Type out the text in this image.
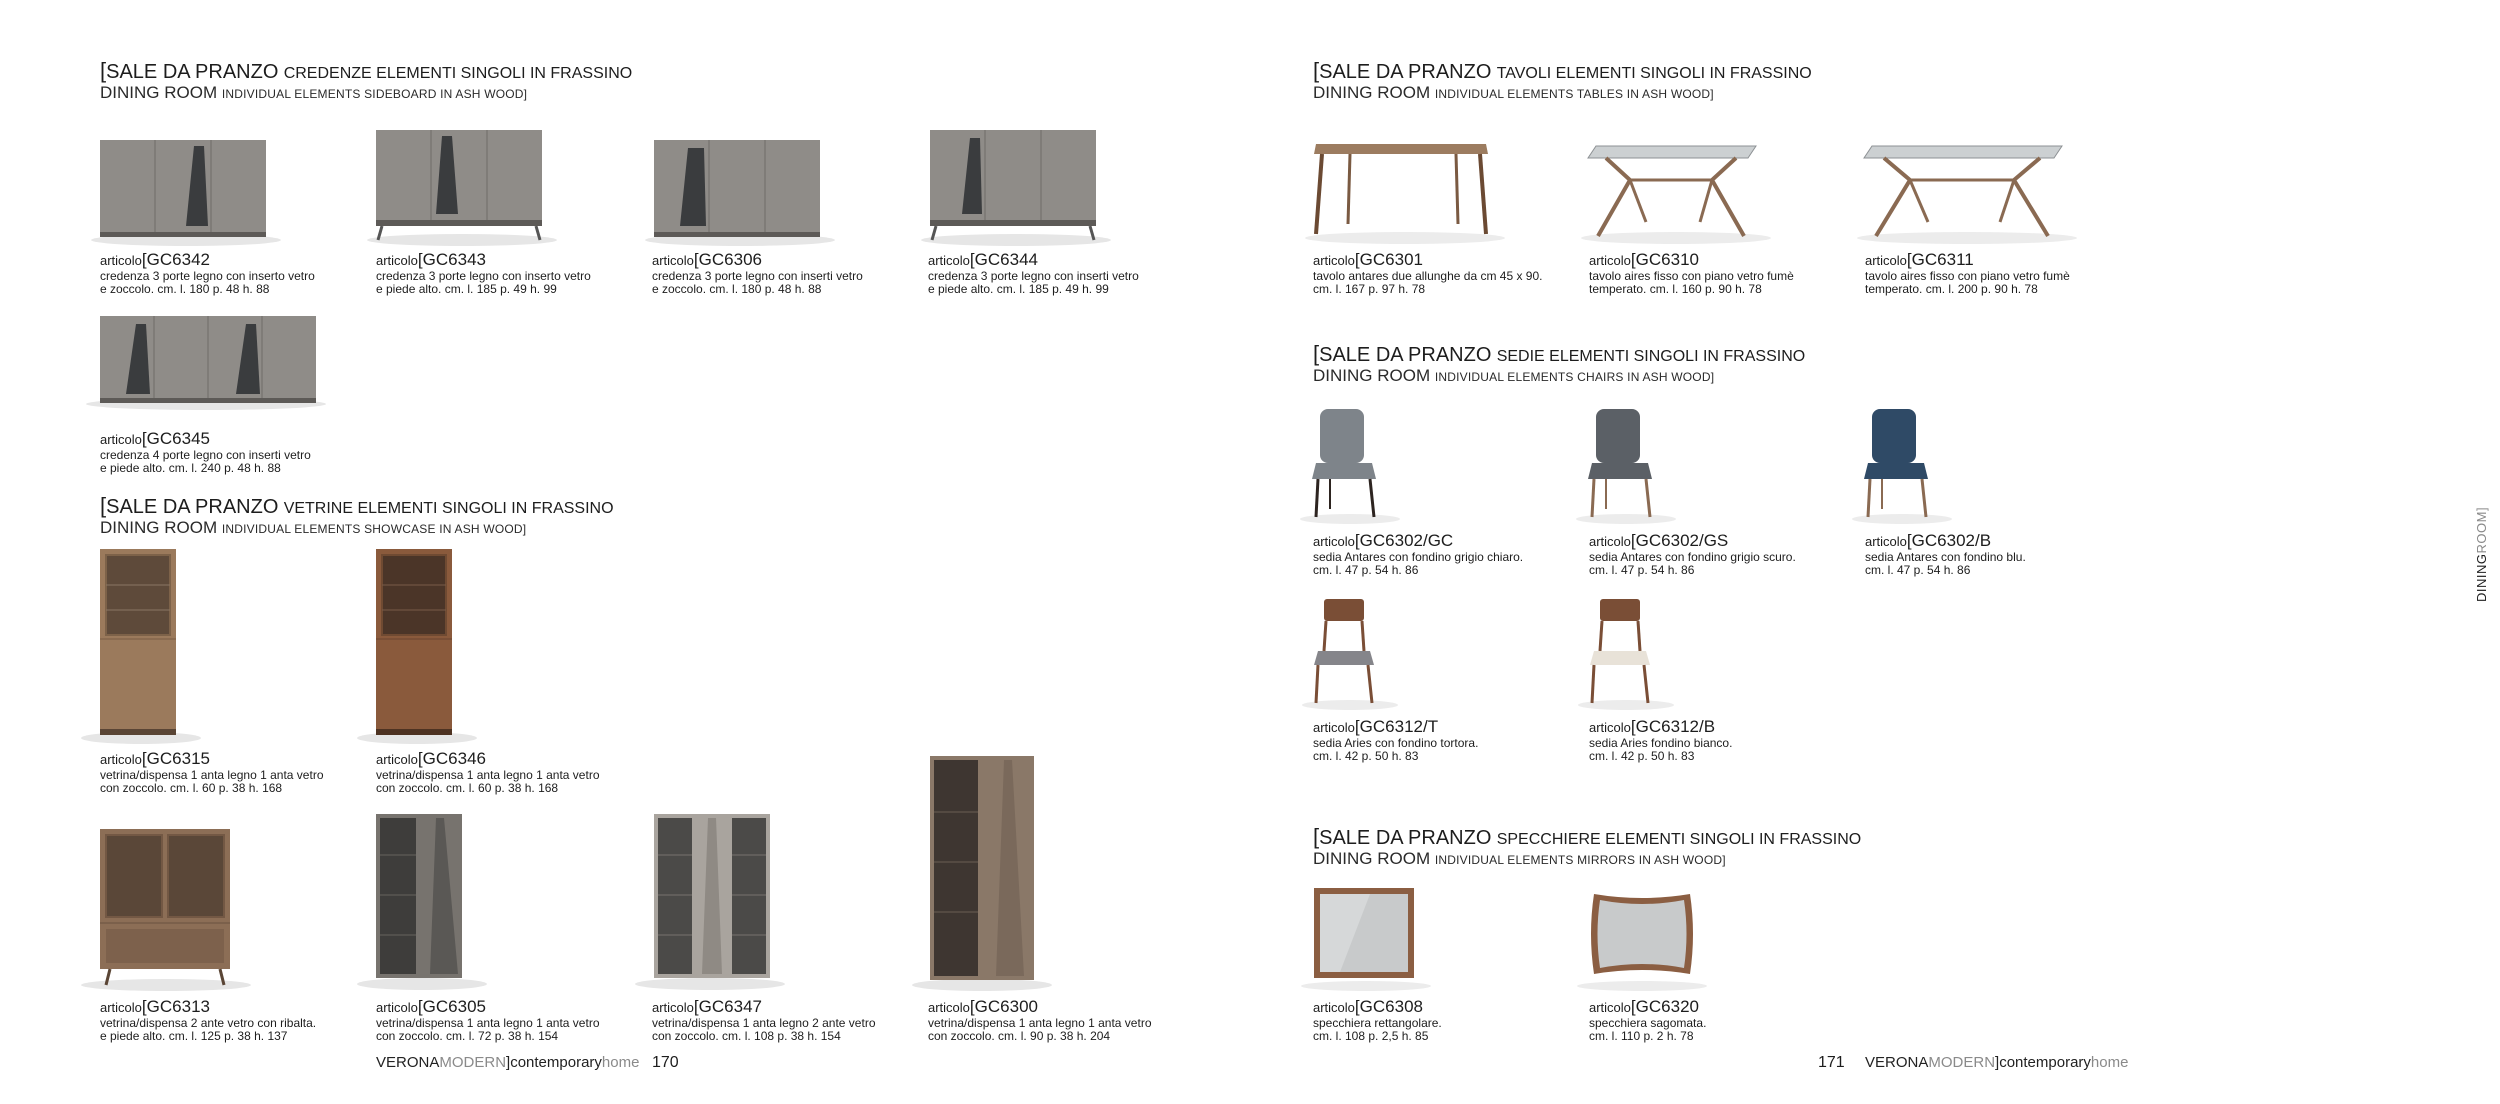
[SALE DA PRANZO CREDENZE ELEMENTI SINGOLI IN FRASSINO
DINING ROOM INDIVIDUAL ELEMENTS SIDEBOARD IN ASH WOOD]
articolo[GC6342
credenza 3 porte legno con inserto vetro
e zoccolo. cm. l. 180 p. 48 h. 88
articolo[GC6343
credenza 3 porte legno con inserto vetro
e piede alto. cm. l. 185 p. 49 h. 99
articolo[GC6306
credenza 3 porte legno con inserti vetro
e zoccolo. cm. l. 180 p. 48 h. 88
articolo[GC6344
credenza 3 porte legno con inserti vetro
e piede alto. cm. l. 185 p. 49 h. 99
articolo[GC6345
credenza 4 porte legno con inserti vetro
e piede alto. cm. l. 240 p. 48 h. 88
[SALE DA PRANZO VETRINE ELEMENTI SINGOLI IN FRASSINO
DINING ROOM INDIVIDUAL ELEMENTS SHOWCASE IN ASH WOOD]
articolo[GC6315
vetrina/dispensa 1 anta legno 1 anta vetro
con zoccolo. cm. l. 60 p. 38 h. 168
articolo[GC6346
vetrina/dispensa 1 anta legno 1 anta vetro
con zoccolo. cm. l. 60 p. 38 h. 168
articolo[GC6313
vetrina/dispensa 2 ante vetro con ribalta.
e piede alto. cm. l. 125 p. 38 h. 137
articolo[GC6305
vetrina/dispensa 1 anta legno 1 anta vetro
con zoccolo. cm. l. 72 p. 38 h. 154
articolo[GC6347
vetrina/dispensa 1 anta legno 2 ante vetro
con zoccolo. cm. l. 108 p. 38 h. 154
articolo[GC6300
vetrina/dispensa 1 anta legno 1 anta vetro
con zoccolo. cm. l. 90 p. 38 h. 204
VERONAMODERN]contemporaryhome 170
[SALE DA PRANZO TAVOLI ELEMENTI SINGOLI IN FRASSINO
DINING ROOM INDIVIDUAL ELEMENTS TABLES IN ASH WOOD]
articolo[GC6301
tavolo antares due allunghe da cm 45 x 90.
cm. l. 167 p. 97 h. 78
articolo[GC6310
tavolo aires fisso con piano vetro fumè
temperato. cm. l. 160 p. 90 h. 78
articolo[GC6311
tavolo aires fisso con piano vetro fumè
temperato. cm. l. 200 p. 90 h. 78
[SALE DA PRANZO SEDIE ELEMENTI SINGOLI IN FRASSINO
DINING ROOM INDIVIDUAL ELEMENTS CHAIRS IN ASH WOOD]
articolo[GC6302/GC
sedia Antares con fondino grigio chiaro.
cm. l. 47 p. 54 h. 86
articolo[GC6302/GS
sedia Antares con fondino grigio scuro.
cm. l. 47 p. 54 h. 86
articolo[GC6302/B
sedia Antares con fondino blu.
cm. l. 47 p. 54 h. 86
articolo[GC6312/T
sedia Aries con fondino tortora.
cm. l. 42 p. 50 h. 83
articolo[GC6312/B
sedia Aries fondino bianco.
cm. l. 42 p. 50 h. 83
[SALE DA PRANZO SPECCHIERE ELEMENTI SINGOLI IN FRASSINO
DINING ROOM INDIVIDUAL ELEMENTS MIRRORS IN ASH WOOD]
articolo[GC6308
specchiera rettangolare.
cm. l. 108 p. 2,5 h. 85
articolo[GC6320
specchiera sagomata.
cm. l. 110 p. 2 h. 78
171 VERONAMODERN]contemporaryhome
DININGROOM]
